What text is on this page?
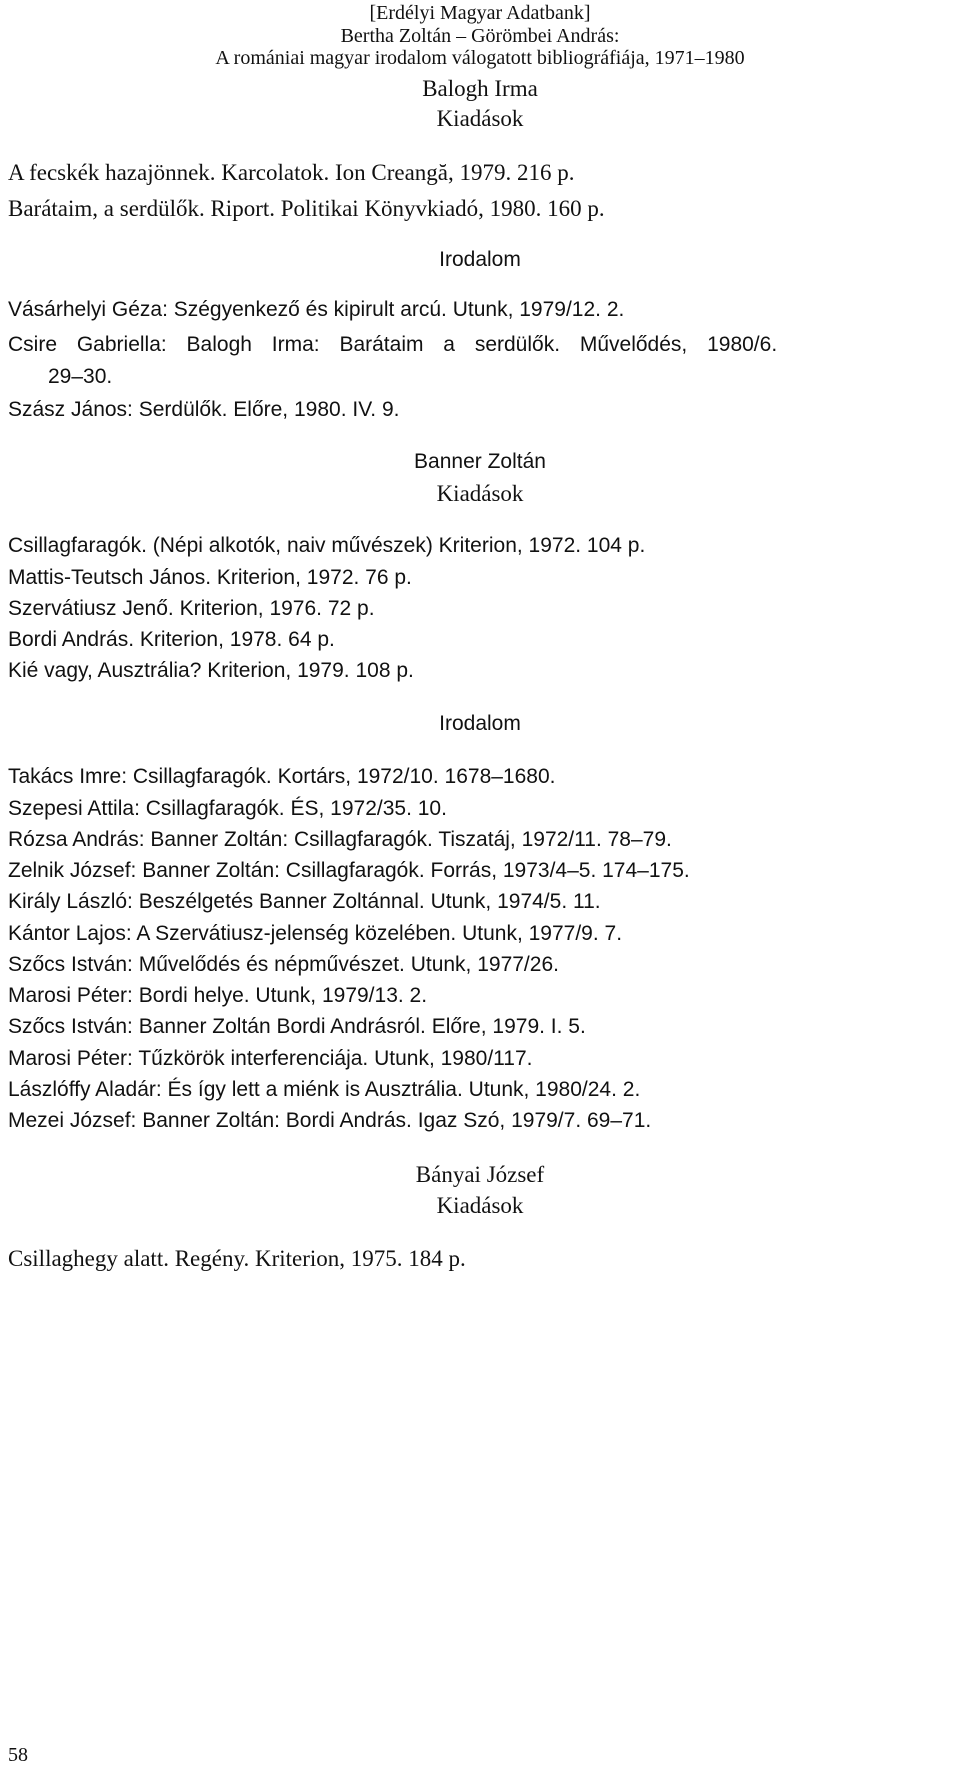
[Erdélyi Magyar Adatbank]
Bertha Zoltán – Görömbei András:
A romániai magyar irodalom válogatott bibliográfiája, 1971–1980
Balogh Irma
Kiadások
A fecskék hazajönnek. Karcolatok. Ion Creangă, 1979. 216 p.
Barátaim, a serdülők. Riport. Politikai Könyvkiadó, 1980. 160 p.
Irodalom
Vásárhelyi Géza: Szégyenkező és kipirult arcú. Utunk, 1979/12. 2.
Csire Gabriella: Balogh Irma: Barátaim a serdülők. Művelődés, 1980/6.
29–30.
Szász János: Serdülők. Előre, 1980. IV. 9.
Banner Zoltán
Kiadások
Csillagfaragók. (Népi alkotók, naiv művészek) Kriterion, 1972. 104 p.
Mattis-Teutsch János. Kriterion, 1972. 76 p.
Szervátiusz Jenő. Kriterion, 1976. 72 p.
Bordi András. Kriterion, 1978. 64 p.
Kié vagy, Ausztrália? Kriterion, 1979. 108 p.
Irodalom
Takács Imre: Csillagfaragók. Kortárs, 1972/10. 1678–1680.
Szepesi Attila: Csillagfaragók. ÉS, 1972/35. 10.
Rózsa András: Banner Zoltán: Csillagfaragók. Tiszatáj, 1972/11. 78–79.
Zelnik József: Banner Zoltán: Csillagfaragók. Forrás, 1973/4–5. 174–175.
Király László: Beszélgetés Banner Zoltánnal. Utunk, 1974/5. 11.
Kántor Lajos: A Szervátiusz-jelenség közelében. Utunk, 1977/9. 7.
Szőcs István: Művelődés és népművészet. Utunk, 1977/26.
Marosi Péter: Bordi helye. Utunk, 1979/13. 2.
Szőcs István: Banner Zoltán Bordi Andrásról. Előre, 1979. I. 5.
Marosi Péter: Tűzkörök interferenciája. Utunk, 1980/117.
Lászlóffy Aladár: És így lett a miénk is Ausztrália. Utunk, 1980/24. 2.
Mezei József: Banner Zoltán: Bordi András. Igaz Szó, 1979/7. 69–71.
Bányai József
Kiadások
Csillaghegy alatt. Regény. Kriterion, 1975. 184 p.
58
